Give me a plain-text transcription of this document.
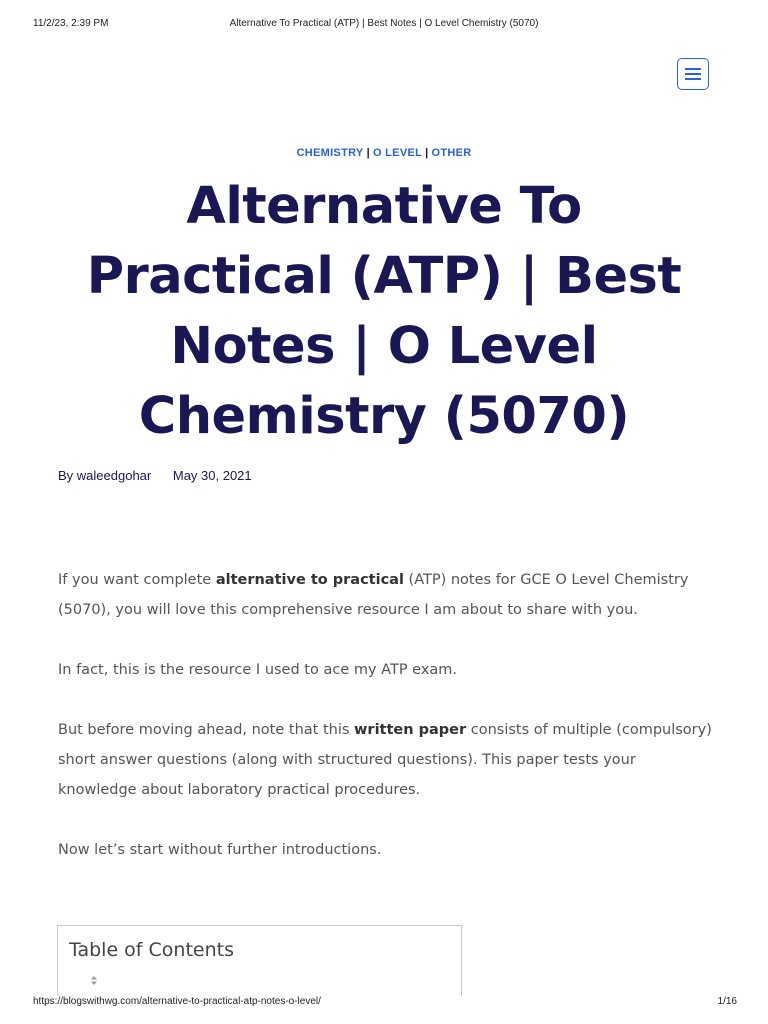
11/2/23, 2:39 PM	Alternative To Practical (ATP) | Best Notes | O Level Chemistry (5070)
CHEMISTRY | O LEVEL | OTHER
Alternative To Practical (ATP) | Best Notes | O Level Chemistry (5070)
By waleedgohar May 30, 2021

If you want complete alternative to practical (ATP) notes for GCE O Level Chemistry (5070), you will love this comprehensive resource I am about to share with you.

In fact, this is the resource I used to ace my ATP exam.

But before moving ahead, note that this written paper consists of multiple (compulsory) short answer questions (along with structured questions). This paper tests your knowledge about laboratory practical procedures.

Now let’s start without further introductions.

Table of Contents
https://blogswithwg.com/alternative-to-practical-atp-notes-o-level/	1/16
